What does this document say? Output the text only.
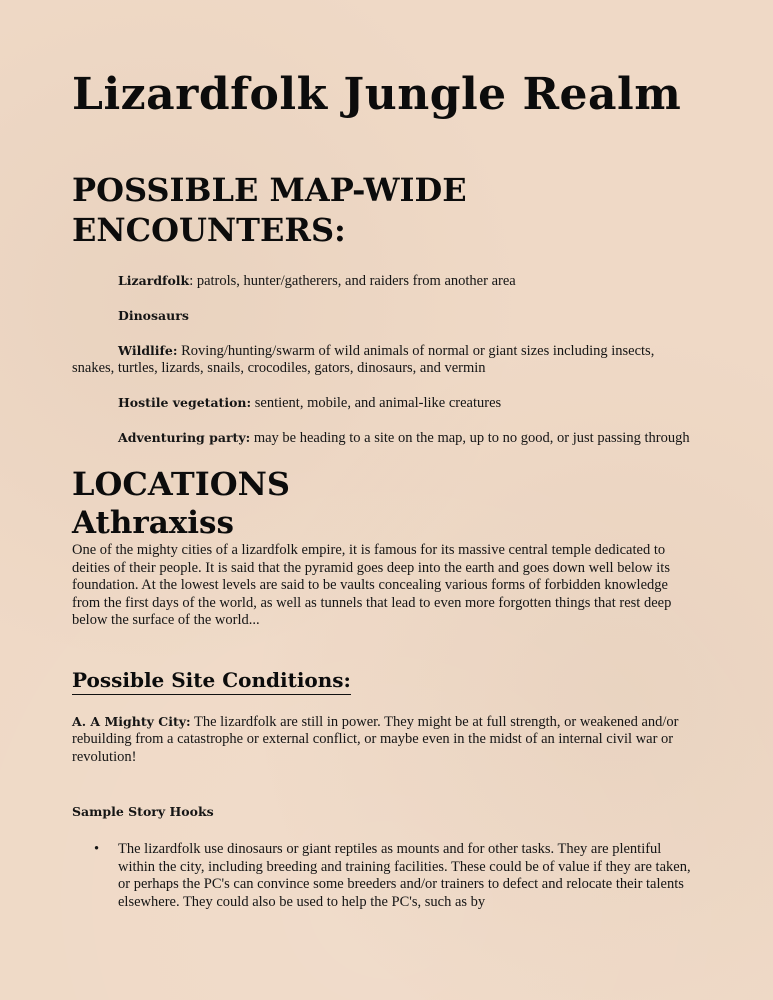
Lizardfolk Jungle Realm
POSSIBLE MAP-WIDE ENCOUNTERS:

Lizardfolk: patrols, hunter/gatherers, and raiders from another area

Dinosaurs

Wildlife: Roving/hunting/swarm of wild animals of normal or giant sizes including insects, snakes, turtles, lizards, snails, crocodiles, gators, dinosaurs, and vermin

Hostile vegetation: sentient, mobile, and animal-like creatures

Adventuring party: may be heading to a site on the map, up to no good, or just passing through

LOCATIONS
Athraxiss

One of the mighty cities of a lizardfolk empire, it is famous for its massive central temple dedicated to deities of their people. It is said that the pyramid goes deep into the earth and goes down well below its foundation. At the lowest levels are said to be vaults concealing various forms of forbidden knowledge from the first days of the world, as well as tunnels that lead to even more forgotten things that rest deep below the surface of the world...

Possible Site Conditions:

A. A Mighty City: The lizardfolk are still in power. They might be at full strength, or weakened and/or rebuilding from a catastrophe or external conflict, or maybe even in the midst of an internal civil war or revolution!

Sample Story Hooks
• The lizardfolk use dinosaurs or giant reptiles as mounts and for other tasks. They are plentiful within the city, including breeding and training facilities. These could be of value if they are taken, or perhaps the PC's can convince some breeders and/or trainers to defect and relocate their talents elsewhere. They could also be used to help the PC's, such as by
